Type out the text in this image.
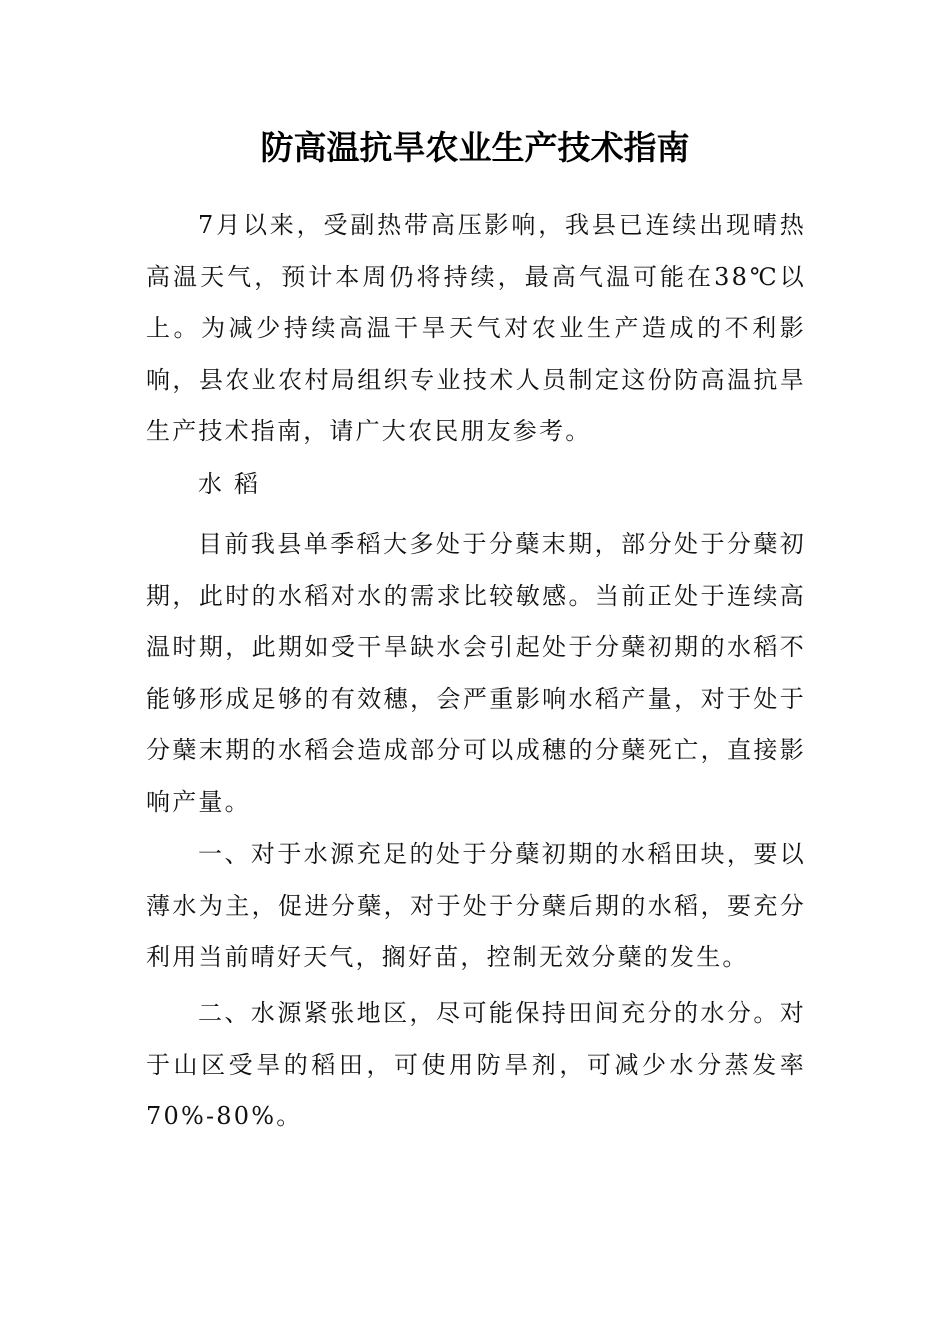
防高温抗旱农业生产技术指南

7月以来，受副热带高压影响，我县已连续出现晴热高温天气，预计本周仍将持续，最高气温可能在38℃以上。为减少持续高温干旱天气对农业生产造成的不利影响，县农业农村局组织专业技术人员制定这份防高温抗旱生产技术指南，请广大农民朋友参考。

水稻

目前我县单季稻大多处于分蘖末期，部分处于分蘖初期，此时的水稻对水的需求比较敏感。当前正处于连续高温时期，此期如受干旱缺水会引起处于分蘖初期的水稻不能够形成足够的有效穗，会严重影响水稻产量，对于处于分蘖末期的水稻会造成部分可以成穗的分蘖死亡，直接影响产量。

一、对于水源充足的处于分蘖初期的水稻田块，要以薄水为主，促进分蘖，对于处于分蘖后期的水稻，要充分利用当前晴好天气，搁好苗，控制无效分蘖的发生。

二、水源紧张地区，尽可能保持田间充分的水分。对于山区受旱的稻田，可使用防旱剂，可减少水分蒸发率70%-80%。
